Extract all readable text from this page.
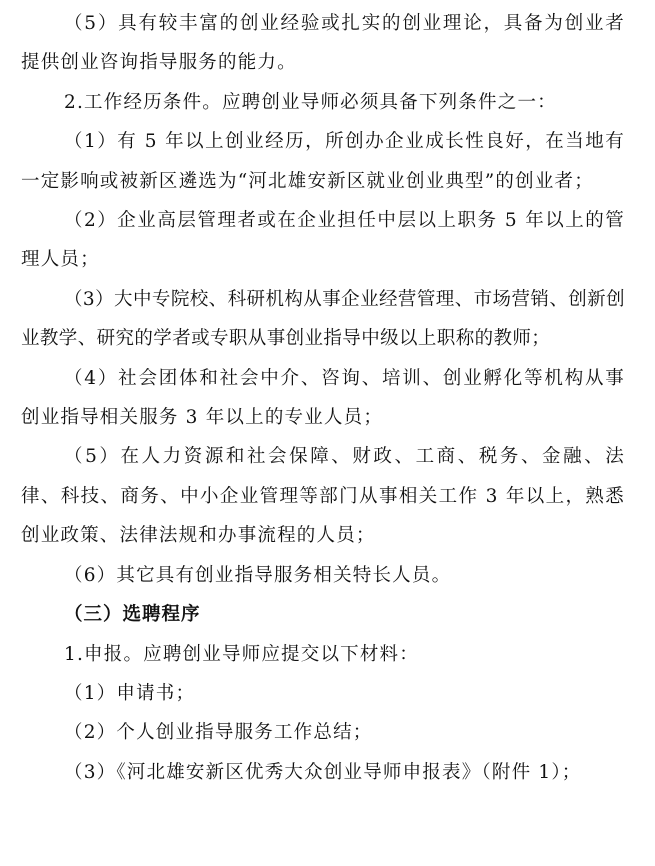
（5）具有较丰富的创业经验或扎实的创业理论，具备为创业者提供创业咨询指导服务的能力。

2.工作经历条件。应聘创业导师必须具备下列条件之一：

（1）有 5 年以上创业经历，所创办企业成长性良好，在当地有一定影响或被新区遴选为“河北雄安新区就业创业典型”的创业者；

（2）企业高层管理者或在企业担任中层以上职务 5 年以上的管理人员；

（3）大中专院校、科研机构从事企业经营管理、市场营销、创新创业教学、研究的学者或专职从事创业指导中级以上职称的教师；

（4）社会团体和社会中介、咨询、培训、创业孵化等机构从事创业指导相关服务 3 年以上的专业人员；

（5）在人力资源和社会保障、财政、工商、税务、金融、法律、科技、商务、中小企业管理等部门从事相关工作 3 年以上，熟悉创业政策、法律法规和办事流程的人员；

（6）其它具有创业指导服务相关特长人员。

（三）选聘程序

1.申报。应聘创业导师应提交以下材料：

（1）申请书；

（2）个人创业指导服务工作总结；

（3）《河北雄安新区优秀大众创业导师申报表》（附件 1）；
